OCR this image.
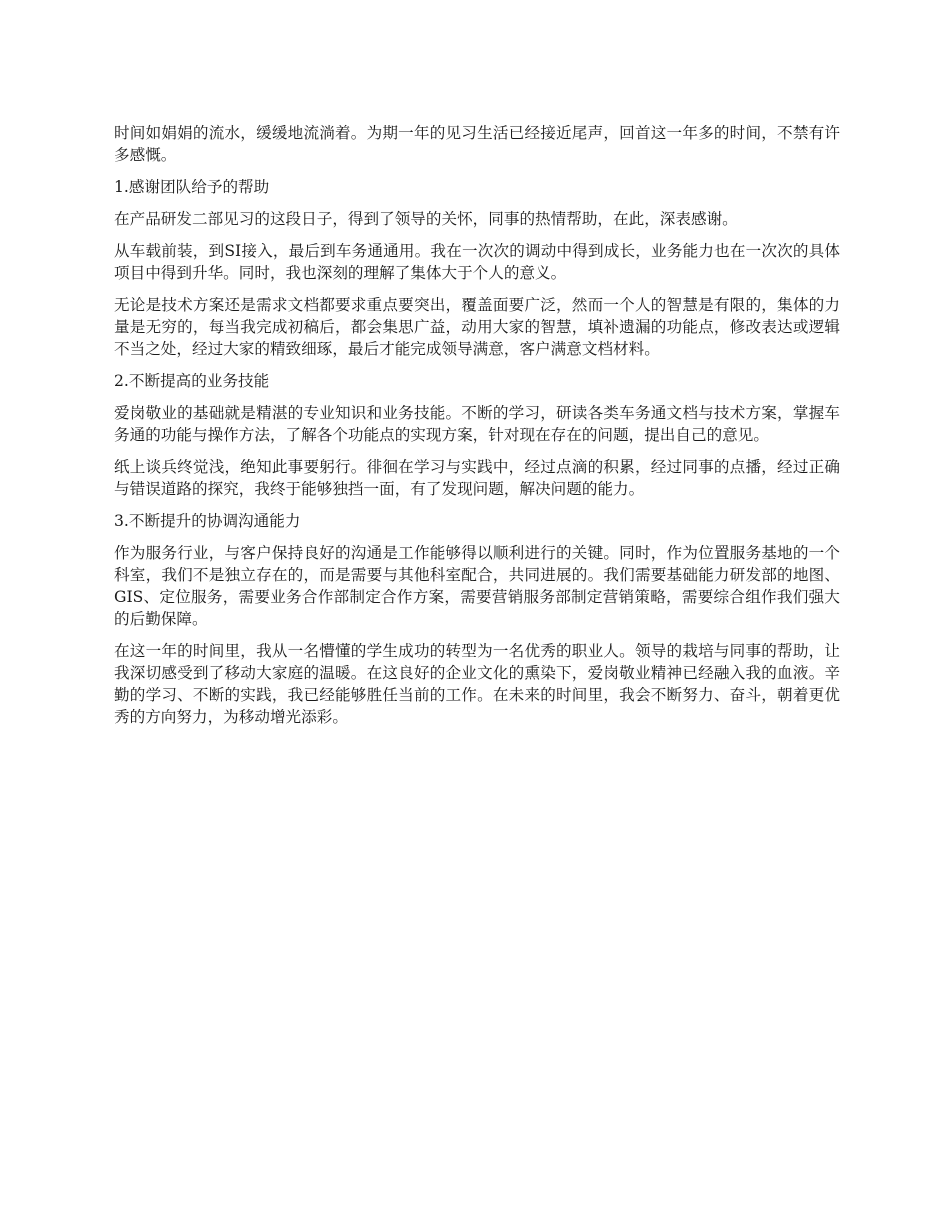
时间如娟娟的流水，缓缓地流淌着。为期一年的见习生活已经接近尾声，回首这一年多的时间，不禁有许多感慨。

1.感谢团队给予的帮助

在产品研发二部见习的这段日子，得到了领导的关怀，同事的热情帮助，在此，深表感谢。

从车载前装，到SI接入，最后到车务通通用。我在一次次的调动中得到成长，业务能力也在一次次的具体项目中得到升华。同时，我也深刻的理解了集体大于个人的意义。

无论是技术方案还是需求文档都要求重点要突出，覆盖面要广泛，然而一个人的智慧是有限的，集体的力量是无穷的，每当我完成初稿后，都会集思广益，动用大家的智慧，填补遗漏的功能点，修改表达或逻辑不当之处，经过大家的精致细琢，最后才能完成领导满意，客户满意文档材料。

2.不断提高的业务技能

爱岗敬业的基础就是精湛的专业知识和业务技能。不断的学习，研读各类车务通文档与技术方案，掌握车务通的功能与操作方法，了解各个功能点的实现方案，针对现在存在的问题，提出自己的意见。

纸上谈兵终觉浅，绝知此事要躬行。徘徊在学习与实践中，经过点滴的积累，经过同事的点播，经过正确与错误道路的探究，我终于能够独挡一面，有了发现问题，解决问题的能力。

3.不断提升的协调沟通能力

作为服务行业，与客户保持良好的沟通是工作能够得以顺利进行的关键。同时，作为位置服务基地的一个科室，我们不是独立存在的，而是需要与其他科室配合，共同进展的。我们需要基础能力研发部的地图、GIS、定位服务，需要业务合作部制定合作方案，需要营销服务部制定营销策略，需要综合组作我们强大的后勤保障。

在这一年的时间里，我从一名懵懂的学生成功的转型为一名优秀的职业人。领导的栽培与同事的帮助，让我深切感受到了移动大家庭的温暖。在这良好的企业文化的熏染下，爱岗敬业精神已经融入我的血液。辛勤的学习、不断的实践，我已经能够胜任当前的工作。在未来的时间里，我会不断努力、奋斗，朝着更优秀的方向努力，为移动增光添彩。
